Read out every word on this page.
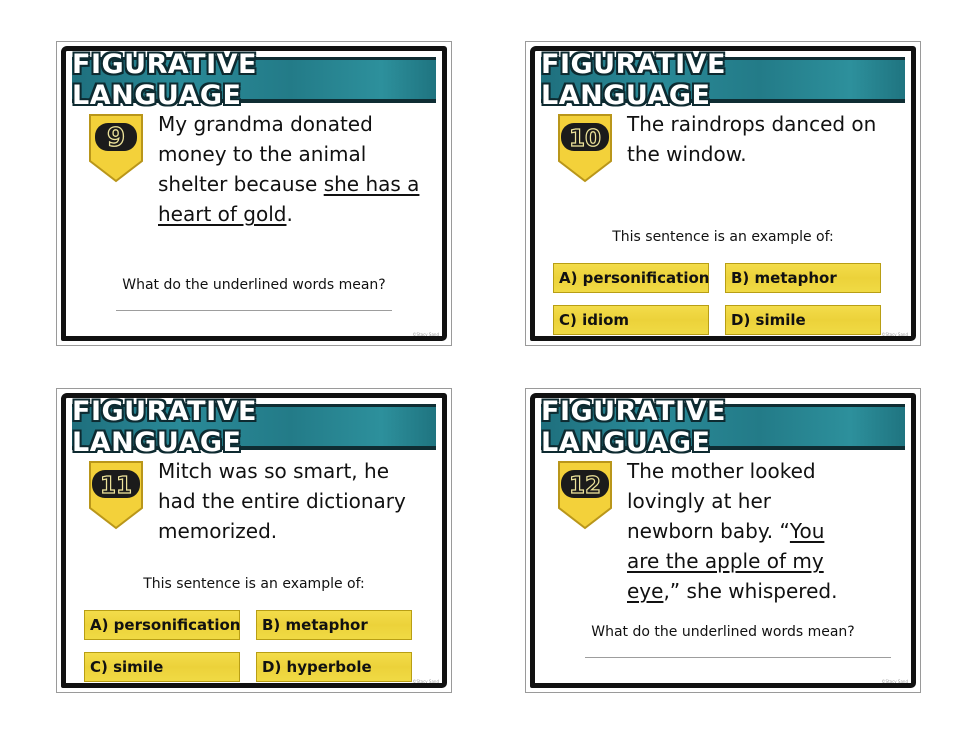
FIGURATIVE LANGUAGE
9 My grandma donated money to the animal shelter because she has a heart of gold.
What do the underlined words mean?
©Stacy Sand
FIGURATIVE LANGUAGE
10
The raindrops danced on the window.
This sentence is an example of:
A) personification	B) metaphor
C) idiom	D) simile
©Stacy Sand
FIGURATIVE LANGUAGE
11
Mitch was so smart, he had the entire dictionary memorized.
This sentence is an example of:
A) personification	B) metaphor
C) simile	D) hyperbole
©Stacy Sand
FIGURATIVE LANGUAGE
12
The mother looked lovingly at her newborn baby. “You are the apple of my eye,” she whispered.
What do the underlined words mean?
©Stacy Sand
